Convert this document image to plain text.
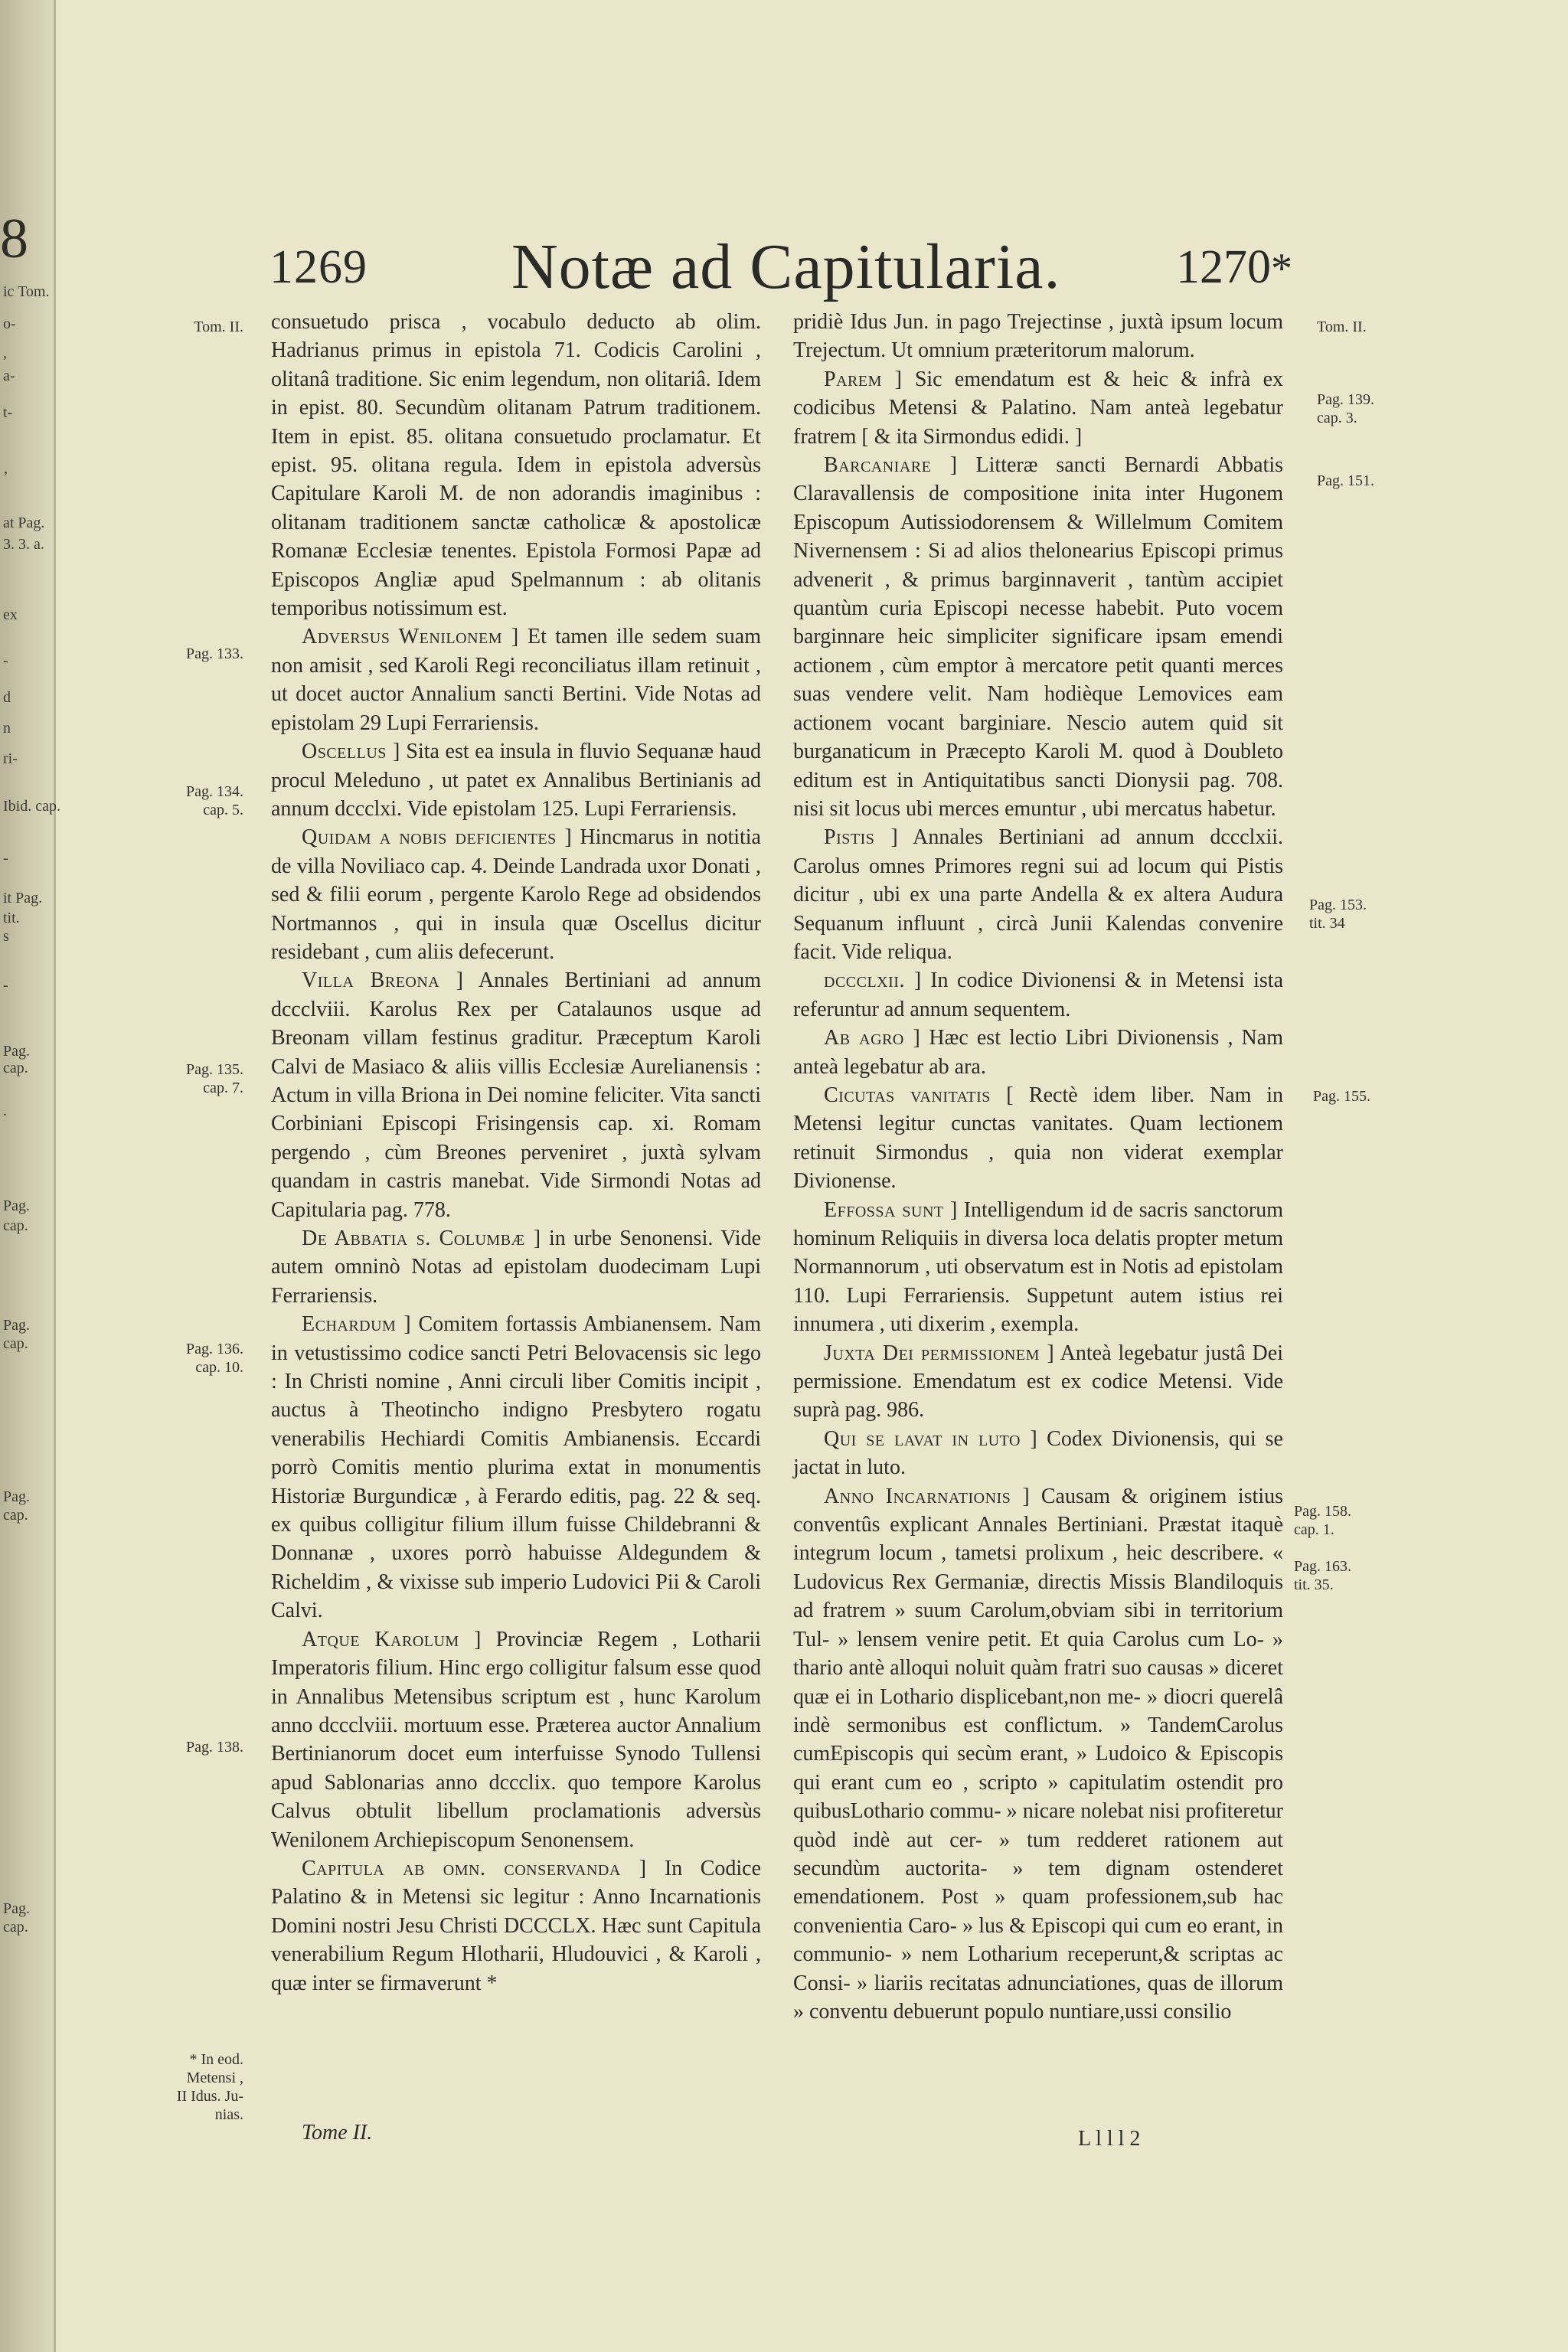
8
ic Tom.
o-
,
a-
t-
’
at Pag.
3. 3. a.
ex
-
d
n
ri-
Ibid. cap.
-
it Pag.
tit.
s
-
Pag.
cap.
.
Pag.
cap.
Pag.
cap.
Pag.
cap.
Pag.
cap.
1269 Notæ ad Capitularia. 1270*
Tom. II.
Pag. 133.
Pag. 134.
cap. 5.
Pag. 135.
cap. 7.
Pag. 136.
cap. 10.
Pag. 138.
* In eod.
Metensi ,
II Idus. Ju-
nias.
Tom. II.
Pag. 139.
cap. 3.
Pag. 151.
Pag. 153.
tit. 34
Pag. 155.
Pag. 158.
cap. 1.
Pag. 163.
tit. 35.

consuetudo prisca , vocabulo deducto ab olim. Hadrianus primus in epistola 71. Codicis Carolini , olitanâ traditione. Sic enim legendum, non olitariâ. Idem in epist. 80. Secundùm olitanam Patrum traditionem. Item in epist. 85. olitana consuetudo proclamatur. Et epist. 95. olitana regula. Idem in epistola adversùs Capitulare Karoli M. de non adorandis imaginibus : olitanam traditionem sanctæ catholicæ & apostolicæ Romanæ Ecclesiæ tenentes. Epistola Formosi Papæ ad Episcopos Angliæ apud Spelmannum : ab olitanis temporibus notissimum est.

Adversus Wenilonem ] Et tamen ille sedem suam non amisit , sed Karoli Regi reconciliatus illam retinuit , ut docet auctor Annalium sancti Bertini. Vide Notas ad epistolam 29 Lupi Ferrariensis.

Oscellus ] Sita est ea insula in fluvio Sequanæ haud procul Meleduno , ut patet ex Annalibus Bertinianis ad annum dccclxi. Vide epistolam 125. Lupi Ferrariensis.

Quidam a nobis deficientes ] Hincmarus in notitia de villa Noviliaco cap. 4. Deinde Landrada uxor Donati , sed & filii eorum , pergente Karolo Rege ad obsidendos Nortmannos , qui in insula quæ Oscellus dicitur residebant , cum aliis defecerunt.

Villa Breona ] Annales Bertiniani ad annum dccclviii. Karolus Rex per Catalaunos usque ad Breonam villam festinus graditur. Præceptum Karoli Calvi de Masiaco & aliis villis Ecclesiæ Aurelianensis : Actum in villa Briona in Dei nomine feliciter. Vita sancti Corbiniani Episcopi Frisingensis cap. xi. Romam pergendo , cùm Breones perveniret , juxtà sylvam quandam in castris manebat. Vide Sirmondi Notas ad Capitularia pag. 778.

De Abbatia s. Columbæ ] in urbe Senonensi. Vide autem omninò Notas ad epistolam duodecimam Lupi Ferrariensis.

Echardum ] Comitem fortassis Ambianensem. Nam in vetustissimo codice sancti Petri Belovacensis sic lego : In Christi nomine , Anni circuli liber Comitis incipit , auctus à Theotincho indigno Presbytero rogatu venerabilis Hechiardi Comitis Ambianensis. Eccardi porrò Comitis mentio plurima extat in monumentis Historiæ Burgundicæ , à Ferardo editis, pag. 22 & seq. ex quibus colligitur filium illum fuisse Childebranni & Donnanæ , uxores porrò habuisse Aldegundem & Richeldim , & vixisse sub imperio Ludovici Pii & Caroli Calvi.

Atque Karolum ] Provinciæ Regem , Lotharii Imperatoris filium. Hinc ergo colligitur falsum esse quod in Annalibus Metensibus scriptum est , hunc Karolum anno dccclviii. mortuum esse. Præterea auctor Annalium Bertinianorum docet eum interfuisse Synodo Tullensi apud Sablonarias anno dccclix. quo tempore Karolus Calvus obtulit libellum proclamationis adversùs Wenilonem Archiepiscopum Senonensem.

Capitula ab omn. conservanda ] In Codice Palatino & in Metensi sic legitur : Anno Incarnationis Domini nostri Jesu Christi DCCCLX. Hæc sunt Capitula venerabilium Regum Hlotharii, Hludouvici , & Karoli , quæ inter se firmaverunt *

Tome II.

pridiè Idus Jun. in pago Trejectinse , juxtà ipsum locum Trejectum. Ut omnium præteritorum malorum.

Parem ] Sic emendatum est & heic & infrà ex codicibus Metensi & Palatino. Nam anteà legebatur fratrem [ & ita Sirmondus edidi. ]

Barcaniare ] Litteræ sancti Bernardi Abbatis Claravallensis de compositione inita inter Hugonem Episcopum Autissiodorensem & Willelmum Comitem Nivernensem : Si ad alios thelonearius Episcopi primus advenerit , & primus barginnaverit , tantùm accipiet quantùm curia Episcopi necesse habebit. Puto vocem barginnare heic simpliciter significare ipsam emendi actionem , cùm emptor à mercatore petit quanti merces suas vendere velit. Nam hodièque Lemovices eam actionem vocant barginiare. Nescio autem quid sit burganaticum in Præcepto Karoli M. quod à Doubleto editum est in Antiquitatibus sancti Dionysii pag. 708. nisi sit locus ubi merces emuntur , ubi mercatus habetur.

Pistis ] Annales Bertiniani ad annum dccclxii. Carolus omnes Primores regni sui ad locum qui Pistis dicitur , ubi ex una parte Andella & ex altera Audura Sequanum influunt , circà Junii Kalendas convenire facit. Vide reliqua.

dccclxii. ] In codice Divionensi & in Metensi ista referuntur ad annum sequentem.

Ab agro ] Hæc est lectio Libri Divionensis , Nam anteà legebatur ab ara.

Cicutas vanitatis [ Rectè idem liber. Nam in Metensi legitur cunctas vanitates. Quam lectionem retinuit Sirmondus , quia non viderat exemplar Divionense.

Effossa sunt ] Intelligendum id de sacris sanctorum hominum Reliquiis in diversa loca delatis propter metum Normannorum , uti observatum est in Notis ad epistolam 110. Lupi Ferrariensis. Suppetunt autem istius rei innumera , uti dixerim , exempla.

Juxta Dei permissionem ] Anteà legebatur justâ Dei permissione. Emendatum est ex codice Metensi. Vide suprà pag. 986.

Qui se lavat in luto ] Codex Divionensis, qui se jactat in luto.

Anno Incarnationis ] Causam & originem istius conventûs explicant Annales Bertiniani. Præstat itaquè integrum locum , tametsi prolixum , heic describere. « Ludovicus Rex Germaniæ, directis Missis Blandiloquis ad fratrem » suum Carolum,obviam sibi in territorium Tul- » lensem venire petit. Et quia Carolus cum Lo- » thario antè alloqui noluit quàm fratri suo causas » diceret quæ ei in Lothario displicebant,non me- » diocri querelâ indè sermonibus est conflictum. » TandemCarolus cumEpiscopis qui secùm erant, » Ludoico & Episcopis qui erant cum eo , scripto » capitulatim ostendit pro quibusLothario commu- » nicare nolebat nisi profiteretur quòd indè aut cer- » tum redderet rationem aut secundùm auctorita- » tem dignam ostenderet emendationem. Post » quam professionem,sub hac convenientia Caro- » lus & Episcopi qui cum eo erant, in communio- » nem Lotharium receperunt,& scriptas ac Consi- » liariis recitatas adnunciationes, quas de illorum » conventu debuerunt populo nuntiare,ussi consilio

L l l l 2
